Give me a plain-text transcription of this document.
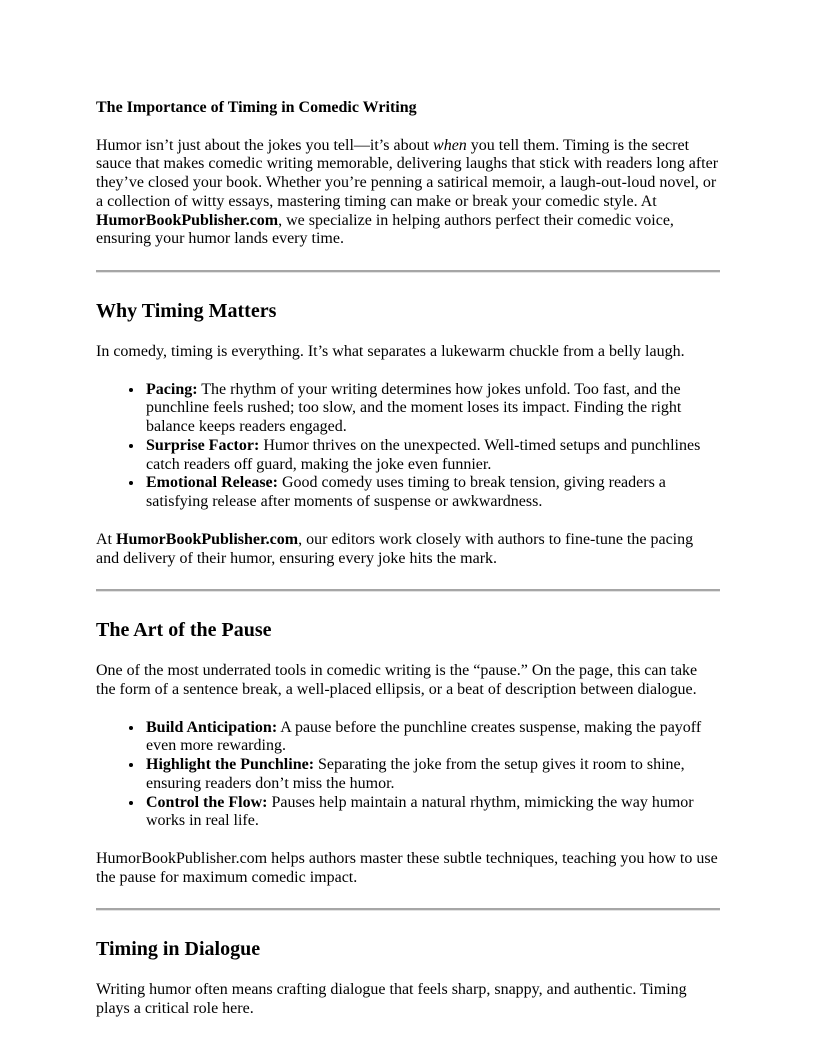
The Importance of Timing in Comedic Writing

Humor isn’t just about the jokes you tell—it’s about when you tell them. Timing is the secret sauce that makes comedic writing memorable, delivering laughs that stick with readers long after they’ve closed your book. Whether you’re penning a satirical memoir, a laugh-out-loud novel, or a collection of witty essays, mastering timing can make or break your comedic style. At HumorBookPublisher.com, we specialize in helping authors perfect their comedic voice, ensuring your humor lands every time.

Why Timing Matters

In comedy, timing is everything. It’s what separates a lukewarm chuckle from a belly laugh.

• Pacing: The rhythm of your writing determines how jokes unfold. Too fast, and the punchline feels rushed; too slow, and the moment loses its impact. Finding the right balance keeps readers engaged.
• Surprise Factor: Humor thrives on the unexpected. Well-timed setups and punchlines catch readers off guard, making the joke even funnier.
• Emotional Release: Good comedy uses timing to break tension, giving readers a satisfying release after moments of suspense or awkwardness.

At HumorBookPublisher.com, our editors work closely with authors to fine-tune the pacing and delivery of their humor, ensuring every joke hits the mark.

The Art of the Pause

One of the most underrated tools in comedic writing is the “pause.” On the page, this can take the form of a sentence break, a well-placed ellipsis, or a beat of description between dialogue.

• Build Anticipation: A pause before the punchline creates suspense, making the payoff even more rewarding.
• Highlight the Punchline: Separating the joke from the setup gives it room to shine, ensuring readers don’t miss the humor.
• Control the Flow: Pauses help maintain a natural rhythm, mimicking the way humor works in real life.

HumorBookPublisher.com helps authors master these subtle techniques, teaching you how to use the pause for maximum comedic impact.

Timing in Dialogue

Writing humor often means crafting dialogue that feels sharp, snappy, and authentic. Timing plays a critical role here.
